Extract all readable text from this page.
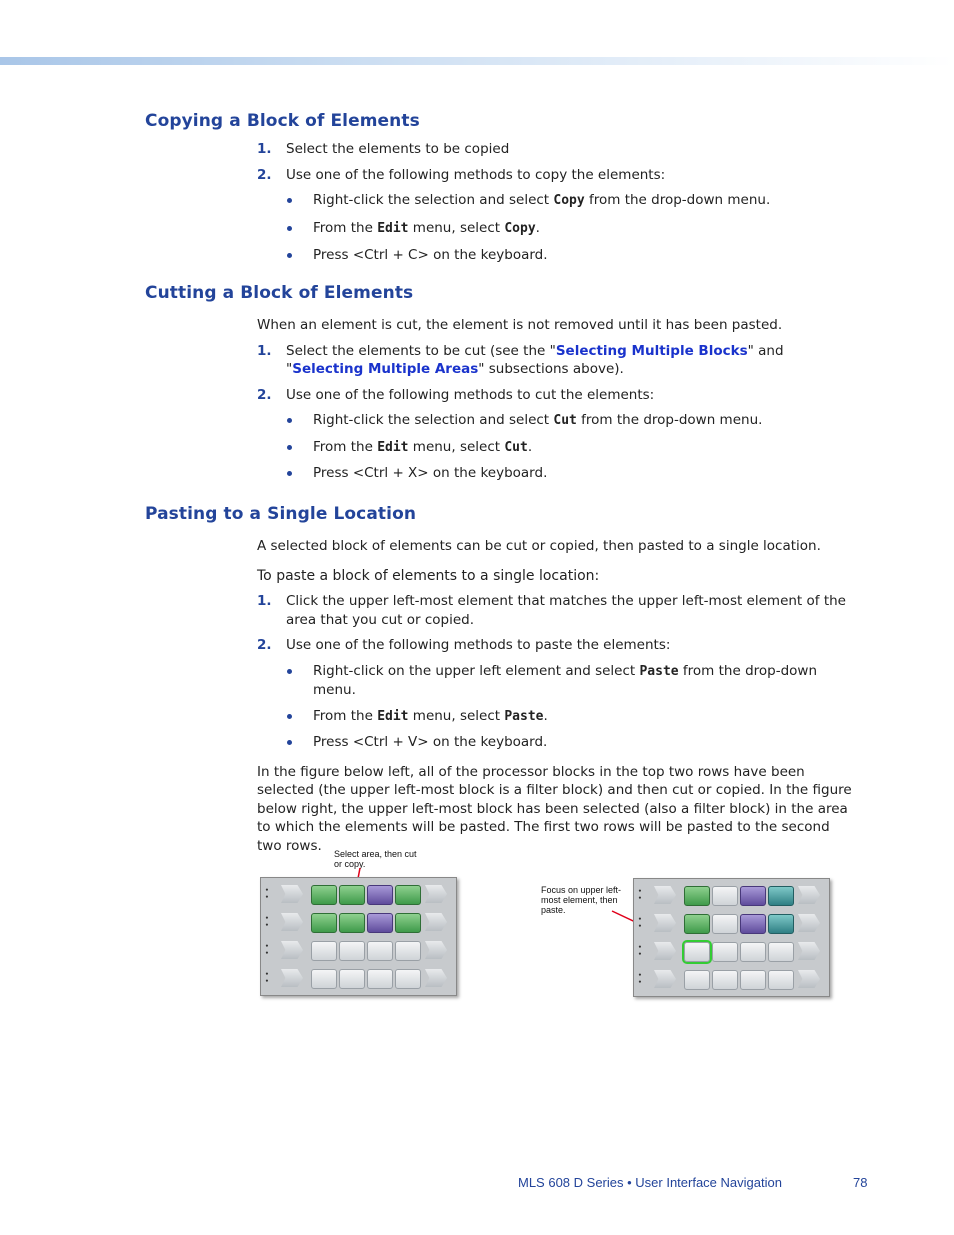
Copying a Block of Elements
1. Select the elements to be copied
2. Use one of the following methods to copy the elements:
Right-click the selection and select Copy from the drop-down menu.
From the Edit menu, select Copy.
Press <Ctrl + C> on the keyboard.
Cutting a Block of Elements

When an element is cut, the element is not removed until it has been pasted.

1. Select the elements to be cut (see the "Selecting Multiple Blocks" and "Selecting Multiple Areas" subsections above).
2. Use one of the following methods to cut the elements:
Right-click the selection and select Cut from the drop-down menu.
From the Edit menu, select Cut.
Press <Ctrl + X> on the keyboard.
Pasting to a Single Location

A selected block of elements can be cut or copied, then pasted to a single location.

To paste a block of elements to a single location:

1. Click the upper left-most element that matches the upper left-most element of the area that you cut or copied.
2. Use one of the following methods to paste the elements:
Right-click on the upper left element and select Paste from the drop-down menu.
From the Edit menu, select Paste.
Press <Ctrl + V> on the keyboard.

In the figure below left, all of the processor blocks in the top two rows have been selected (the upper left-most block is a filter block) and then cut or copied. In the figure below right, the upper left-most block has been selected (also a filter block) in the area to which the elements will be pasted. The first two rows will be pasted to the second two rows.

Select area, then cut or copy.
•
•
•
•
•
•
•
•
Focus on upper left-most element, then paste.
•
•
•
•
•
•
•
•
MLS 608 D Series • User Interface Navigation	78
